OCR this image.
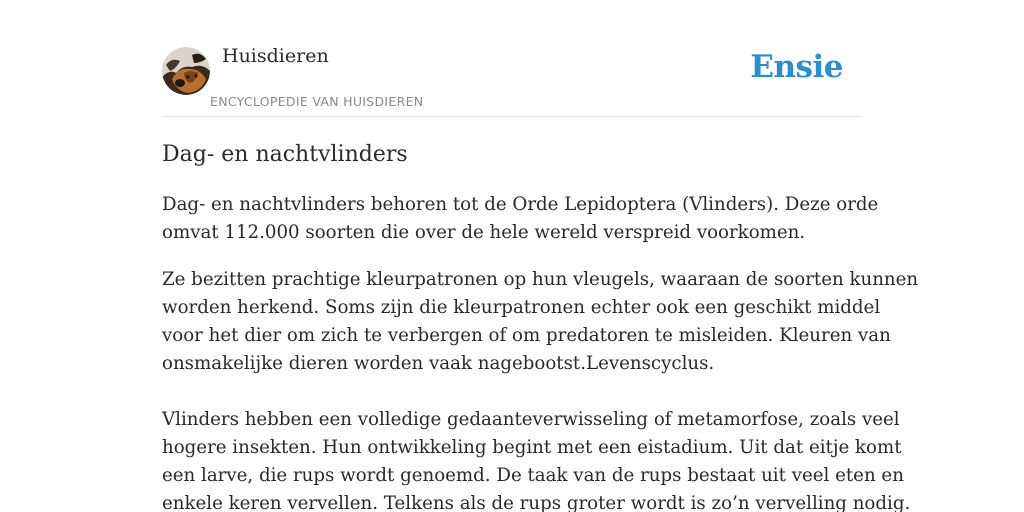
Huisdieren
ENCYCLOPEDIE VAN HUISDIEREN
Ensie
Dag- en nachtvlinders

Dag- en nachtvlinders behoren tot de Orde Lepidoptera (Vlinders). Deze orde
omvat 112.000 soorten die over de hele wereld verspreid voorkomen.

Ze bezitten prachtige kleurpatronen op hun vleugels, waaraan de soorten kunnen
worden herkend. Soms zijn die kleurpatronen echter ook een geschikt middel
voor het dier om zich te verbergen of om predatoren te misleiden. Kleuren van
onsmakelijke dieren worden vaak nagebootst.Levenscyclus.

Vlinders hebben een volledige gedaanteverwisseling of metamorfose, zoals veel
hogere insekten. Hun ontwikkeling begint met een eistadium. Uit dat eitje komt
een larve, die rups wordt genoemd. De taak van de rups bestaat uit veel eten en
enkele keren vervellen. Telkens als de rups groter wordt is zo’n vervelling nodig.
